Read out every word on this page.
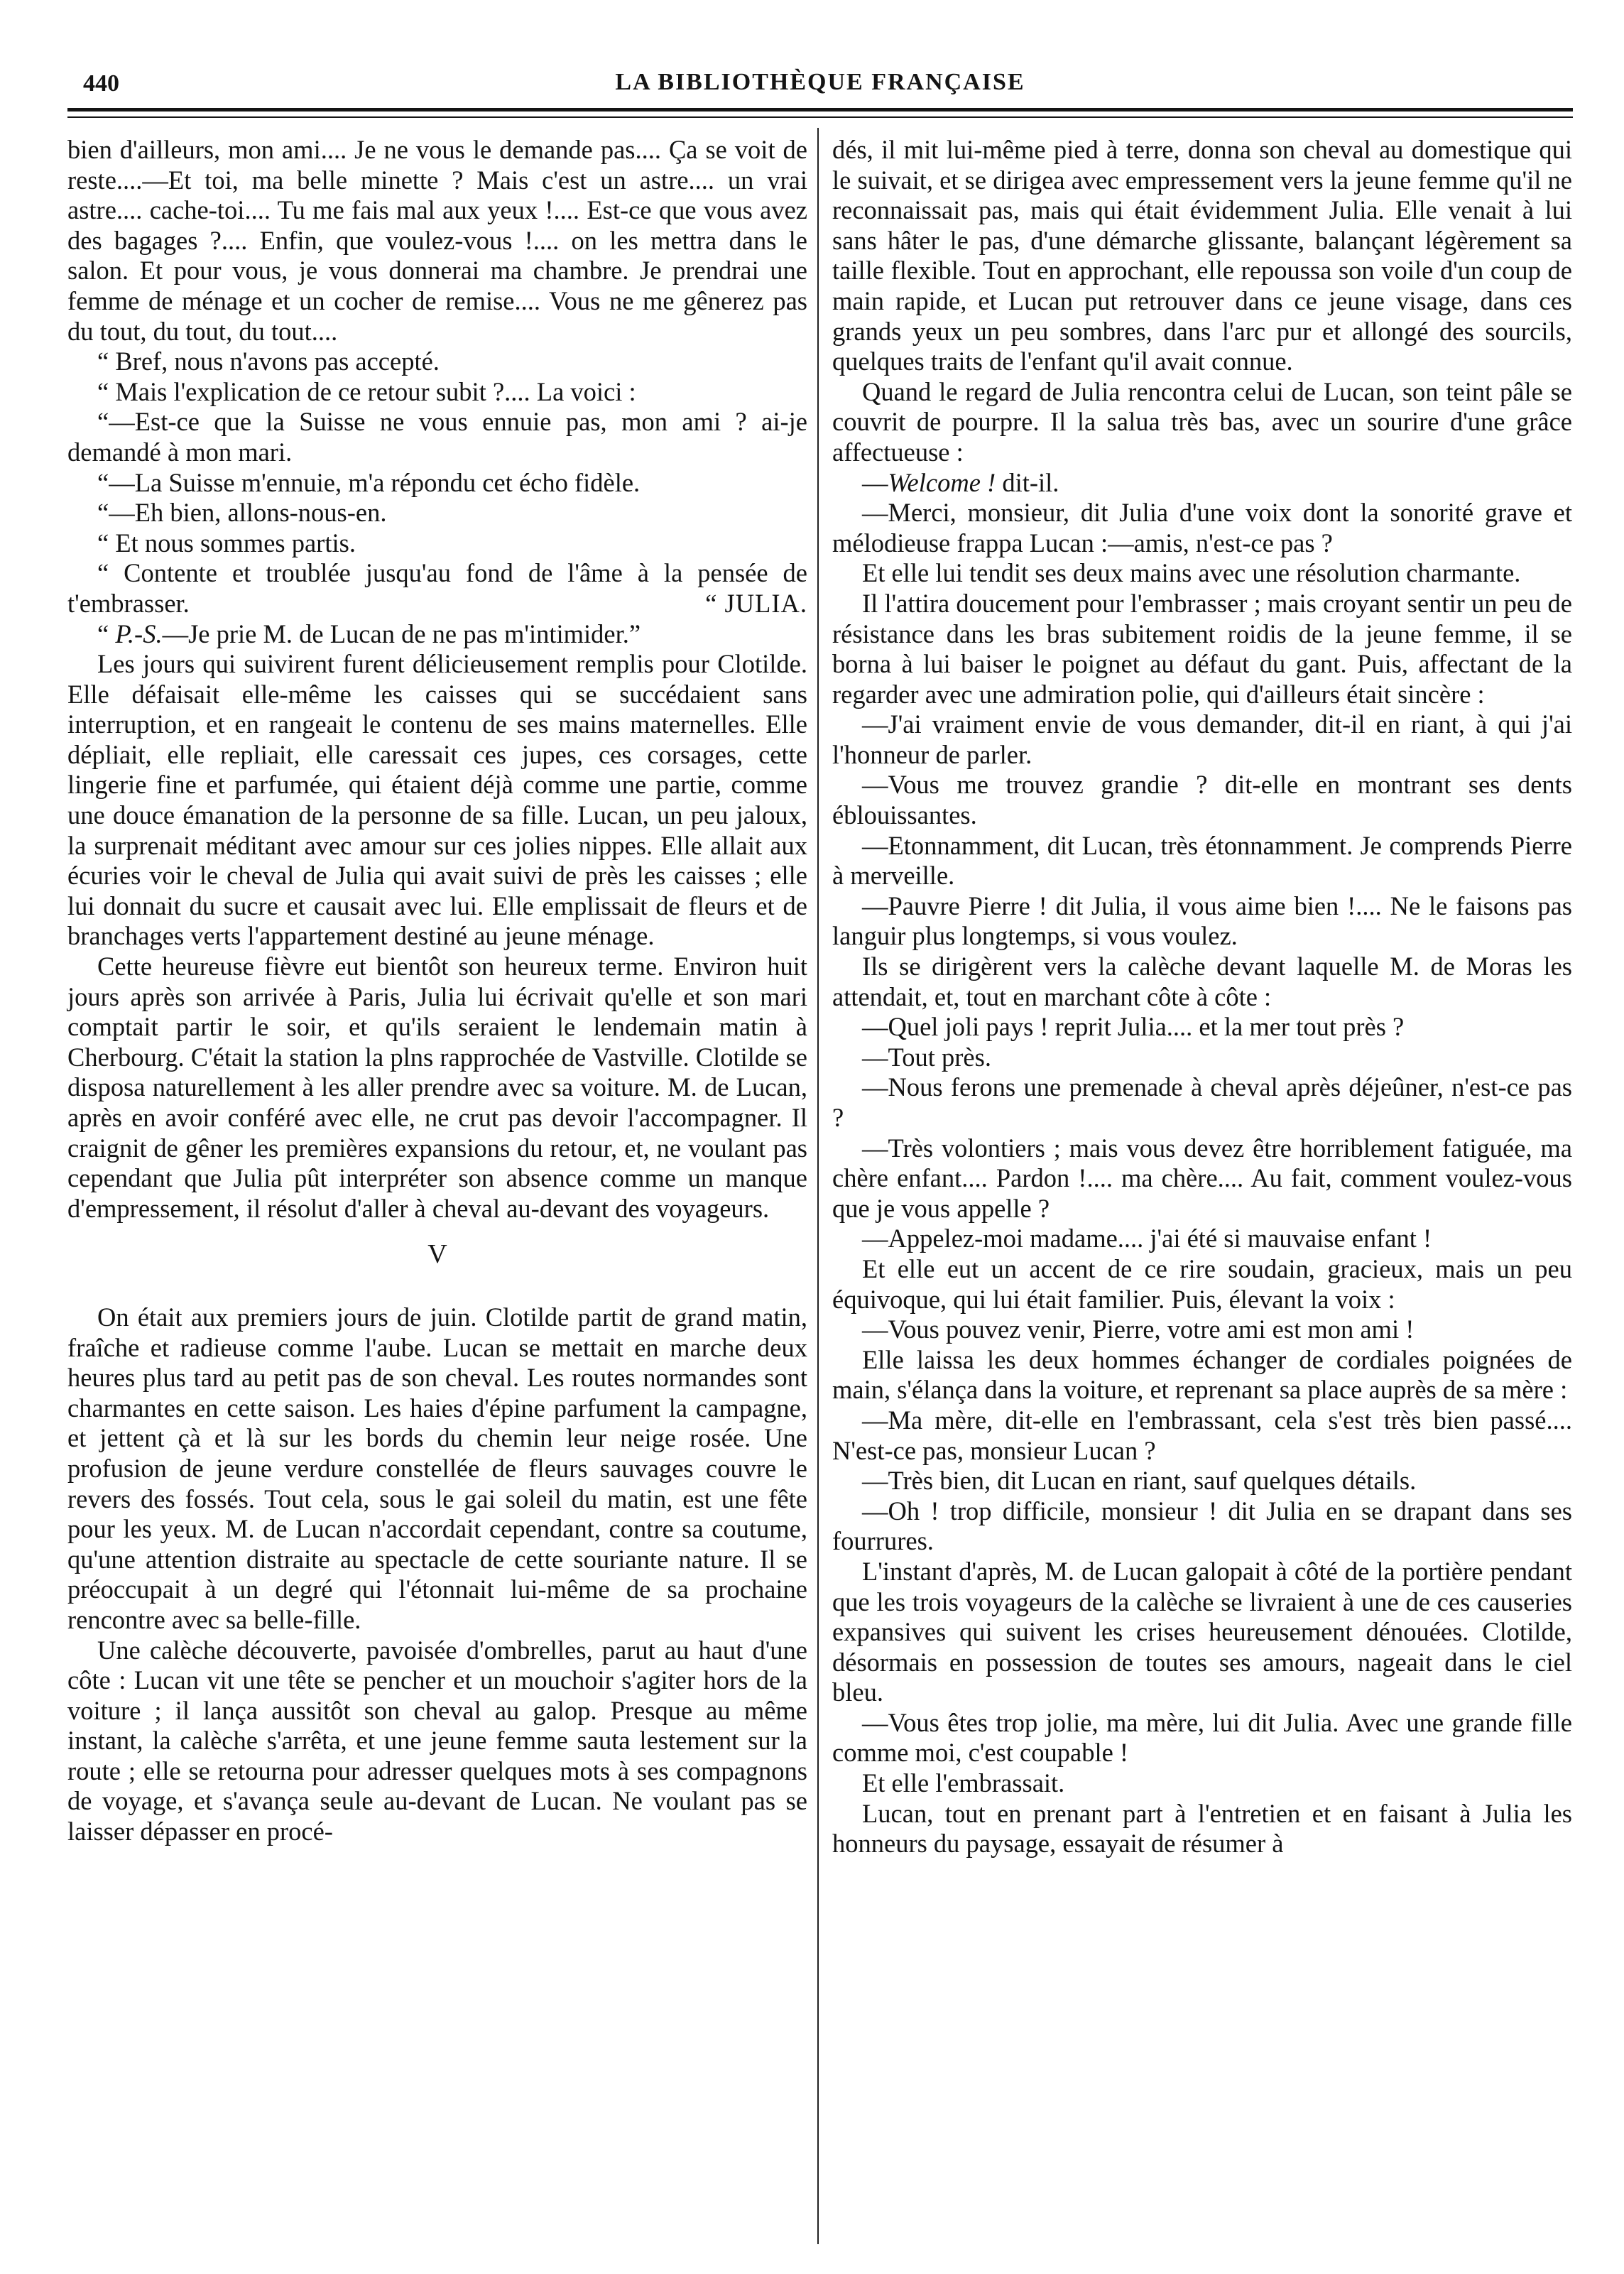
440	LA BIBLIOTHÈQUE FRANÇAISE

bien d'ailleurs, mon ami.... Je ne vous le demande pas.... Ça se voit de reste....—Et toi, ma belle minette ? Mais c'est un astre.... un vrai astre.... cache-toi.... Tu me fais mal aux yeux !.... Est-ce que vous avez des bagages ?.... Enfin, que voulez-vous !.... on les mettra dans le salon. Et pour vous, je vous donnerai ma chambre. Je prendrai une femme de ménage et un cocher de remise.... Vous ne me gênerez pas du tout, du tout, du tout....

“ Bref, nous n'avons pas accepté.

“ Mais l'explication de ce retour subit ?.... La voici :

“—Est-ce que la Suisse ne vous ennuie pas, mon ami ? ai-je demandé à mon mari.

“—La Suisse m'ennuie, m'a répondu cet écho fidèle.

“—Eh bien, allons-nous-en.

“ Et nous sommes partis.

“ Contente et troublée jusqu'au fond de l'âme à la pensée de t'embrasser.	“ JULIA.

“ P.-S.—Je prie M. de Lucan de ne pas m'intimider.”

Les jours qui suivirent furent délicieusement remplis pour Clotilde. Elle défaisait elle-même les caisses qui se succédaient sans interruption, et en rangeait le contenu de ses mains maternelles. Elle dépliait, elle repliait, elle caressait ces jupes, ces corsages, cette lingerie fine et parfumée, qui étaient déjà comme une partie, comme une douce émanation de la personne de sa fille. Lucan, un peu jaloux, la surprenait méditant avec amour sur ces jolies nippes. Elle allait aux écuries voir le cheval de Julia qui avait suivi de près les caisses ; elle lui donnait du sucre et causait avec lui. Elle emplissait de fleurs et de branchages verts l'appartement destiné au jeune ménage.

Cette heureuse fièvre eut bientôt son heureux terme. Environ huit jours après son arrivée à Paris, Julia lui écrivait qu'elle et son mari comptait partir le soir, et qu'ils seraient le lendemain matin à Cherbourg. C'était la station la plns rapprochée de Vastville. Clotilde se disposa naturellement à les aller prendre avec sa voiture. M. de Lucan, après en avoir conféré avec elle, ne crut pas devoir l'accompagner. Il craignit de gêner les premières expansions du retour, et, ne voulant pas cependant que Julia pût interpréter son absence comme un manque d'empressement, il résolut d'aller à cheval au-devant des voyageurs.

V

On était aux premiers jours de juin. Clotilde partit de grand matin, fraîche et radieuse comme l'aube. Lucan se mettait en marche deux heures plus tard au petit pas de son cheval. Les routes normandes sont charmantes en cette saison. Les haies d'épine parfument la campagne, et jettent çà et là sur les bords du chemin leur neige rosée. Une profusion de jeune verdure constellée de fleurs sauvages couvre le revers des fossés. Tout cela, sous le gai soleil du matin, est une fête pour les yeux. M. de Lucan n'accordait cependant, contre sa coutume, qu'une attention distraite au spectacle de cette souriante nature. Il se préoccupait à un degré qui l'étonnait lui-même de sa prochaine rencontre avec sa belle-fille.

Une calèche découverte, pavoisée d'ombrelles, parut au haut d'une côte : Lucan vit une tête se pencher et un mouchoir s'agiter hors de la voiture ; il lança aussitôt son cheval au galop. Presque au même instant, la calèche s'arrêta, et une jeune femme sauta lestement sur la route ; elle se retourna pour adresser quelques mots à ses compagnons de voyage, et s'avança seule au-devant de Lucan. Ne voulant pas se laisser dépasser en procé-

dés, il mit lui-même pied à terre, donna son cheval au domestique qui le suivait, et se dirigea avec empressement vers la jeune femme qu'il ne reconnaissait pas, mais qui était évidemment Julia. Elle venait à lui sans hâter le pas, d'une démarche glissante, balançant légèrement sa taille flexible. Tout en approchant, elle repoussa son voile d'un coup de main rapide, et Lucan put retrouver dans ce jeune visage, dans ces grands yeux un peu sombres, dans l'arc pur et allongé des sourcils, quelques traits de l'enfant qu'il avait connue.

Quand le regard de Julia rencontra celui de Lucan, son teint pâle se couvrit de pourpre. Il la salua très bas, avec un sourire d'une grâce affectueuse :

—Welcome ! dit-il.

—Merci, monsieur, dit Julia d'une voix dont la sonorité grave et mélodieuse frappa Lucan :—amis, n'est-ce pas ?

Et elle lui tendit ses deux mains avec une résolution charmante.

Il l'attira doucement pour l'embrasser ; mais croyant sentir un peu de résistance dans les bras subitement roidis de la jeune femme, il se borna à lui baiser le poignet au défaut du gant. Puis, affectant de la regarder avec une admiration polie, qui d'ailleurs était sincère :

—J'ai vraiment envie de vous demander, dit-il en riant, à qui j'ai l'honneur de parler.

—Vous me trouvez grandie ? dit-elle en montrant ses dents éblouissantes.

—Etonnamment, dit Lucan, très étonnamment. Je comprends Pierre à merveille.

—Pauvre Pierre ! dit Julia, il vous aime bien !.... Ne le faisons pas languir plus longtemps, si vous voulez.

Ils se dirigèrent vers la calèche devant laquelle M. de Moras les attendait, et, tout en marchant côte à côte :

—Quel joli pays ! reprit Julia.... et la mer tout près ?

—Tout près.

—Nous ferons une premenade à cheval après déjeûner, n'est-ce pas ?

—Très volontiers ; mais vous devez être horriblement fatiguée, ma chère enfant.... Pardon !.... ma chère.... Au fait, comment voulez-vous que je vous appelle ?

—Appelez-moi madame.... j'ai été si mauvaise enfant !

Et elle eut un accent de ce rire soudain, gracieux, mais un peu équivoque, qui lui était familier. Puis, élevant la voix :

—Vous pouvez venir, Pierre, votre ami est mon ami !

Elle laissa les deux hommes échanger de cordiales poignées de main, s'élança dans la voiture, et reprenant sa place auprès de sa mère :

—Ma mère, dit-elle en l'embrassant, cela s'est très bien passé.... N'est-ce pas, monsieur Lucan ?

—Très bien, dit Lucan en riant, sauf quelques détails.

—Oh ! trop difficile, monsieur ! dit Julia en se drapant dans ses fourrures.

L'instant d'après, M. de Lucan galopait à côté de la portière pendant que les trois voyageurs de la calèche se livraient à une de ces causeries expansives qui suivent les crises heureusement dénouées. Clotilde, désormais en possession de toutes ses amours, nageait dans le ciel bleu.

—Vous êtes trop jolie, ma mère, lui dit Julia. Avec une grande fille comme moi, c'est coupable !

Et elle l'embrassait.

Lucan, tout en prenant part à l'entretien et en faisant à Julia les honneurs du paysage, essayait de résumer à
